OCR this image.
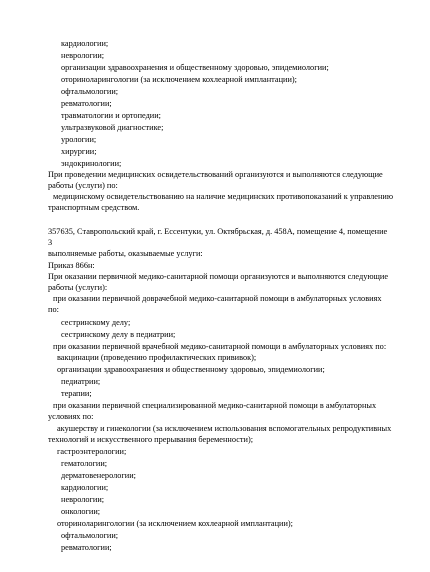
кардиологии;
неврологии;
организации здравоохранения и общественному здоровью, эпидемиологии;
оториноларингологии (за исключением кохлеарной имплантации);
офтальмологии;
ревматологии;
травматологии и ортопедии;
ультразвуковой диагностике;
урологии;
хирургии;
эндокринологии;
При проведении медицинских освидетельствований организуются и выполняются следующие
работы (услуги) по:
медицинскому освидетельствованию на наличие медицинских противопоказаний к управлению
транспортным средством.
357635, Ставропольский край, г. Ессентуки, ул. Октябрьская, д. 458А, помещение 4, помещение
3
выполняемые работы, оказываемые услуги:
Приказ 866н:
При оказании первичной медико-санитарной помощи организуются и выполняются следующие
работы (услуги):
при оказании первичной доврачебной медико-санитарной помощи в амбулаторных условиях
по:
сестринскому делу;
сестринскому делу в педиатрии;
при оказании первичной врачебной медико-санитарной помощи в амбулаторных условиях по:
вакцинации (проведению профилактических прививок);
организации здравоохранения и общественному здоровью, эпидемиологии;
педиатрии;
терапии;
при оказании первичной специализированной медико-санитарной помощи в амбулаторных
условиях по:
акушерству и гинекологии (за исключением использования вспомогательных репродуктивных
технологий и искусственного прерывания беременности);
гастроэнтерологии;
гематологии;
дерматовенерологии;
кардиологии;
неврологии;
онкологии;
оториноларингологии (за исключением кохлеарной имплантации);
офтальмологии;
ревматологии;
